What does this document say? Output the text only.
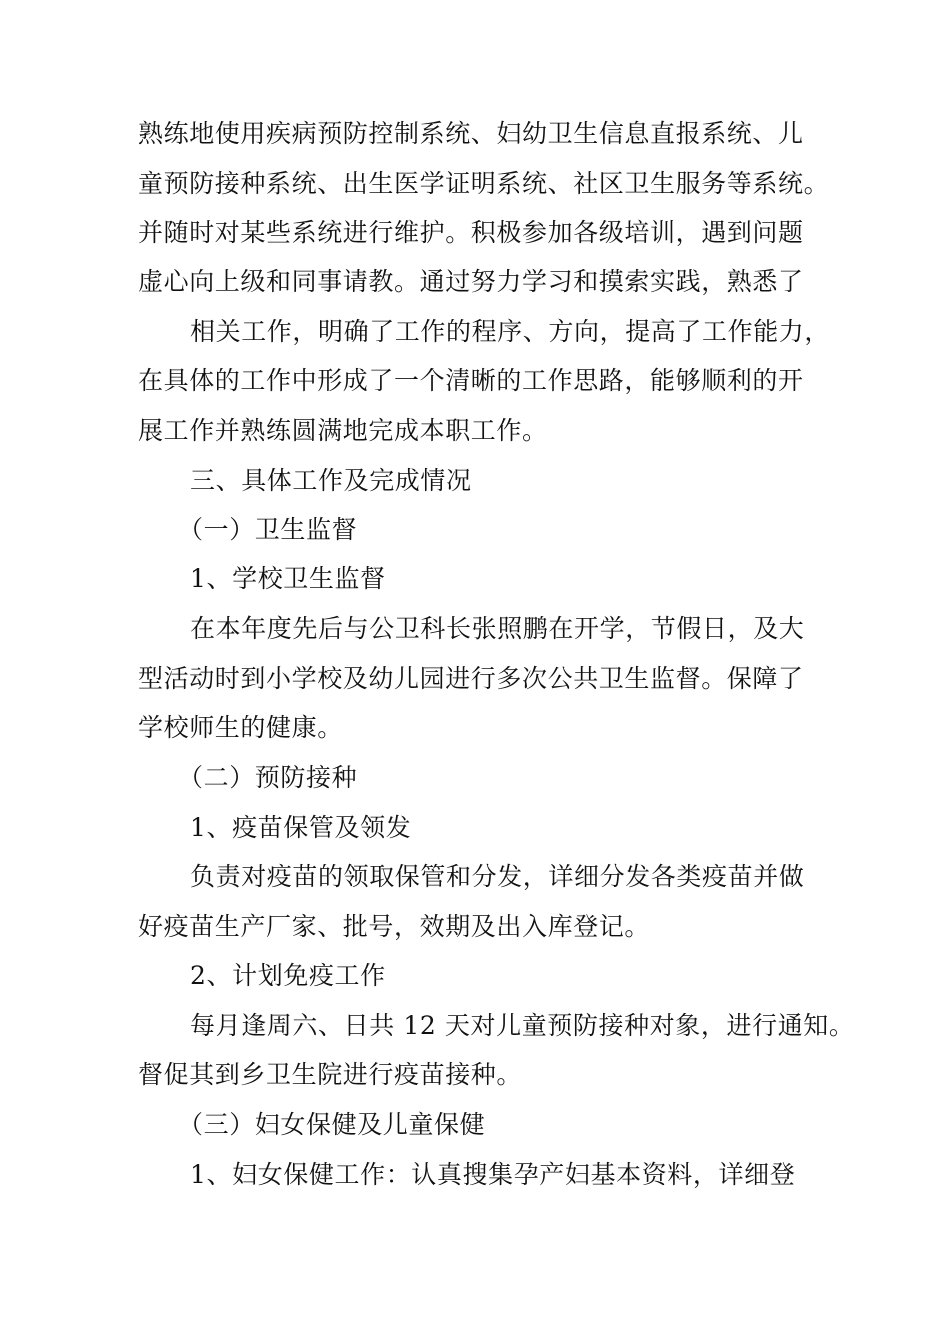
熟练地使用疾病预防控制系统、妇幼卫生信息直报系统、儿
童预防接种系统、出生医学证明系统、社区卫生服务等系统。
并随时对某些系统进行维护。积极参加各级培训，遇到问题
虚心向上级和同事请教。通过努力学习和摸索实践，熟悉了
相关工作，明确了工作的程序、方向，提高了工作能力，
在具体的工作中形成了一个清晰的工作思路，能够顺利的开
展工作并熟练圆满地完成本职工作。
三、具体工作及完成情况
（一）卫生监督
1、学校卫生监督
在本年度先后与公卫科长张照鹏在开学，节假日，及大
型活动时到小学校及幼儿园进行多次公共卫生监督。保障了
学校师生的健康。
（二）预防接种
1、疫苗保管及领发
负责对疫苗的领取保管和分发，详细分发各类疫苗并做
好疫苗生产厂家、批号，效期及出入库登记。
2、计划免疫工作
每月逢周六、日共 12 天对儿童预防接种对象，进行通知。
督促其到乡卫生院进行疫苗接种。
（三）妇女保健及儿童保健
1、妇女保健工作：认真搜集孕产妇基本资料，详细登
